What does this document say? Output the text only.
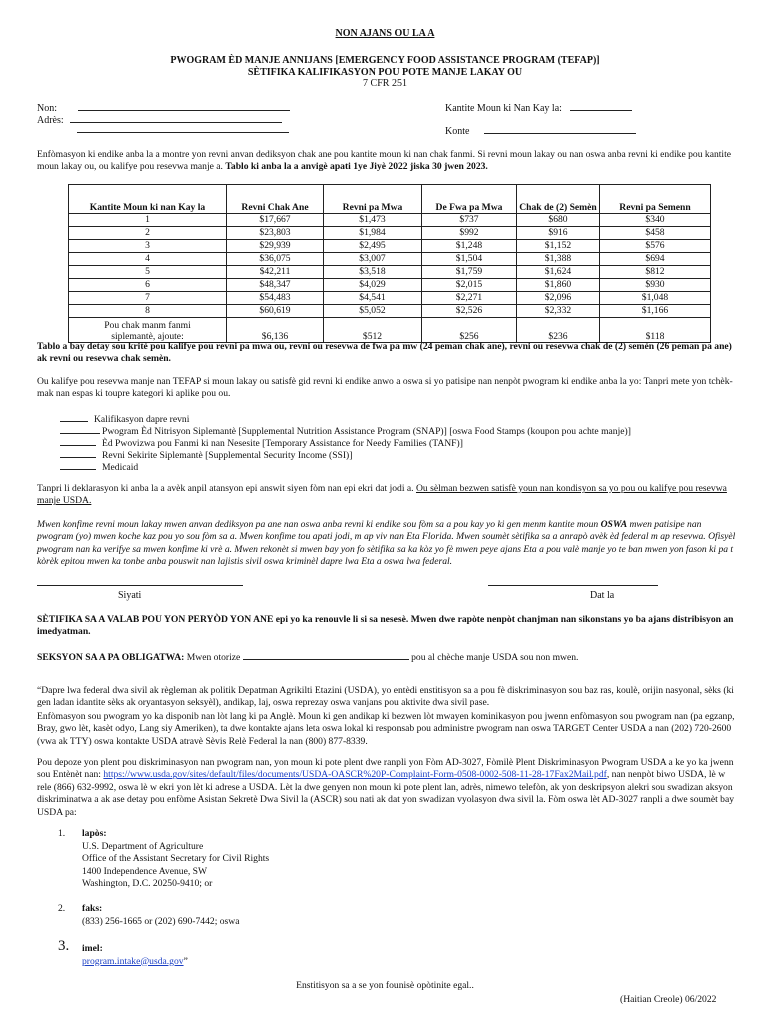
NON AJANS OU LA A
PWOGRAM ÈD MANJE ANNIJANS [EMERGENCY FOOD ASSISTANCE PROGRAM (TEFAP)]
SÈTIFIKA KALIFIKASYON POU POTE MANJE LAKAY OU
7 CFR 251
Non:
Adrès:
Kantite Moun ki Nan Kay la:
Konte
Enfòmasyon ki endike anba la a montre yon revni anvan dediksyon chak ane pou kantite moun ki nan chak fanmi. Si revni moun lakay ou nan oswa anba revni ki endike pou kantite moun lakay ou, ou kalifye pou resevwa manje a. Tablo ki anba la a anvigè apati 1ye Jiyè 2022 jiska 30 jwen 2023.
Kantite Moun ki nan Kay la	Revni Chak Ane	Revni pa Mwa	De Fwa pa Mwa	Chak de (2) Semèn	Revni pa Semenn
1	$17,667	$1,473	$737	$680	$340
2	$23,803	$1,984	$992	$916	$458
3	$29,939	$2,495	$1,248	$1,152	$576
4	$36,075	$3,007	$1,504	$1,388	$694
5	$42,211	$3,518	$1,759	$1,624	$812
6	$48,347	$4,029	$2,015	$1,860	$930
7	$54,483	$4,541	$2,271	$2,096	$1,048
8	$60,619	$5,052	$2,526	$2,332	$1,166
Pou chak manm fanmi
siplemantè, ajoute:	$6,136	$512	$256	$236	$118
Tablo a bay detay sou kritè pou kalifye pou revni pa mwa ou, revni ou resevwa de fwa pa mw (24 peman chak ane), revni ou resevwa chak de (2) semèn (26 peman pa ane) ak revni ou resevwa chak semèn.
Ou kalifye pou resevwa manje nan TEFAP si moun lakay ou satisfè gid revni ki endike anwo a oswa si yo patisipe nan nenpòt pwogram ki endike anba la yo: Tanpri mete yon tchèk-mak nan espas ki toupre kategori ki aplike pou ou.
Kalifikasyon dapre revni
Pwogram Èd Nitrisyon Siplemantè [Supplemental Nutrition Assistance Program (SNAP)] [oswa Food Stamps (koupon pou achte manje)]
Èd Pwovizwa pou Fanmi ki nan Nesesite [Temporary Assistance for Needy Families (TANF)]
Revni Sekirite Siplemantè [Supplemental Security Income (SSI)]
Medicaid
Tanpri li deklarasyon ki anba la a avèk anpil atansyon epi answit siyen fòm nan epi ekri dat jodi a. Ou sèlman bezwen satisfè youn nan kondisyon sa yo pou ou kalifye pou resevwa manje USDA.
Mwen konfime revni moun lakay mwen anvan dediksyon pa ane nan oswa anba revni ki endike sou fòm sa a pou kay yo ki gen menm kantite moun OSWA mwen patisipe nan pwogram (yo) mwen koche kaz pou yo sou fòm sa a. Mwen konfime tou apati jodi, m ap viv nan Eta Florida. Mwen soumèt sètifika sa a anrapò avèk èd federal m ap resevwa. Ofisyèl pwogram nan ka verifye sa mwen konfime ki vrè a. Mwen rekonèt si mwen bay yon fo sètifika sa ka kòz yo fè mwen peye ajans Eta a pou valè manje yo te ban mwen yon fason ki pa t kòrèk epitou mwen ka tonbe anba pouswit nan lajistis sivil oswa kriminèl dapre lwa Eta a oswa lwa federal.
Siyati	Dat la
SÈTIFIKA SA A VALAB POU YON PERYÒD YON ANE epi yo ka renouvle li si sa nesesè. Mwen dwe rapòte nenpòt chanjman nan sikonstans yo ba ajans distribisyon an imedyatman.
SEKSYON SA A PA OBLIGATWA: Mwen otorize	pou al chèche manje USDA sou non mwen.
“Dapre lwa federal dwa sivil ak règleman ak politik Depatman Agrikilti Etazini (USDA), yo entèdi enstitisyon sa a pou fè diskriminasyon sou baz ras, koulè, orijin nasyonal, sèks (ki gen ladan idantite sèks ak oryantasyon seksyèl), andikap, laj, oswa reprezay oswa vanjans pou aktivite dwa sivil pase.
Enfòmasyon sou pwogram yo ka disponib nan lòt lang ki pa Anglè. Moun ki gen andikap ki bezwen lòt mwayen kominikasyon pou jwenn enfòmasyon sou pwogram nan (pa egzanp, Bray, gwo lèt, kasèt odyo, Lang siy Ameriken), ta dwe kontakte ajans leta oswa lokal ki responsab pou administre pwogram nan oswa TARGET Center USDA a nan (202) 720-2600 (vwa ak TTY) oswa kontakte USDA atravè Sèvis Relè Federal la nan (800) 877-8339.
Pou depoze yon plent pou diskriminasyon nan pwogram nan, yon moun ki pote plent dwe ranpli yon Fòm AD-3027, Fòmilè Plent Diskriminasyon Pwogram USDA a ke yo ka jwenn sou Entènèt nan: https://www.usda.gov/sites/default/files/documents/USDA-OASCR%20P-Complaint-Form-0508-0002-508-11-28-17Fax2Mail.pdf, nan nenpòt biwo USDA, lè w rele (866) 632-9992, oswa lè w ekri yon lèt ki adrese a USDA. Lèt la dwe genyen non moun ki pote plent lan, adrès, nimewo telefòn, ak yon deskripsyon alekri sou swadizan aksyon diskriminatwa a ak ase detay pou enfòme Asistan Sekretè Dwa Sivil la (ASCR) sou nati ak dat yon swadizan vyolasyon dwa sivil la. Fòm oswa lèt AD-3027 ranpli a dwe soumèt bay USDA pa:
1. lapòs:
U.S. Department of Agriculture
Office of the Assistant Secretary for Civil Rights
1400 Independence Avenue, SW
Washington, D.C. 20250-9410; or
2. faks:
(833) 256-1665 or (202) 690-7442; oswa
3. imel:
program.intake@usda.gov”
Enstitisyon sa a se yon founisè opòtinite egal..
(Haitian Creole) 06/2022
